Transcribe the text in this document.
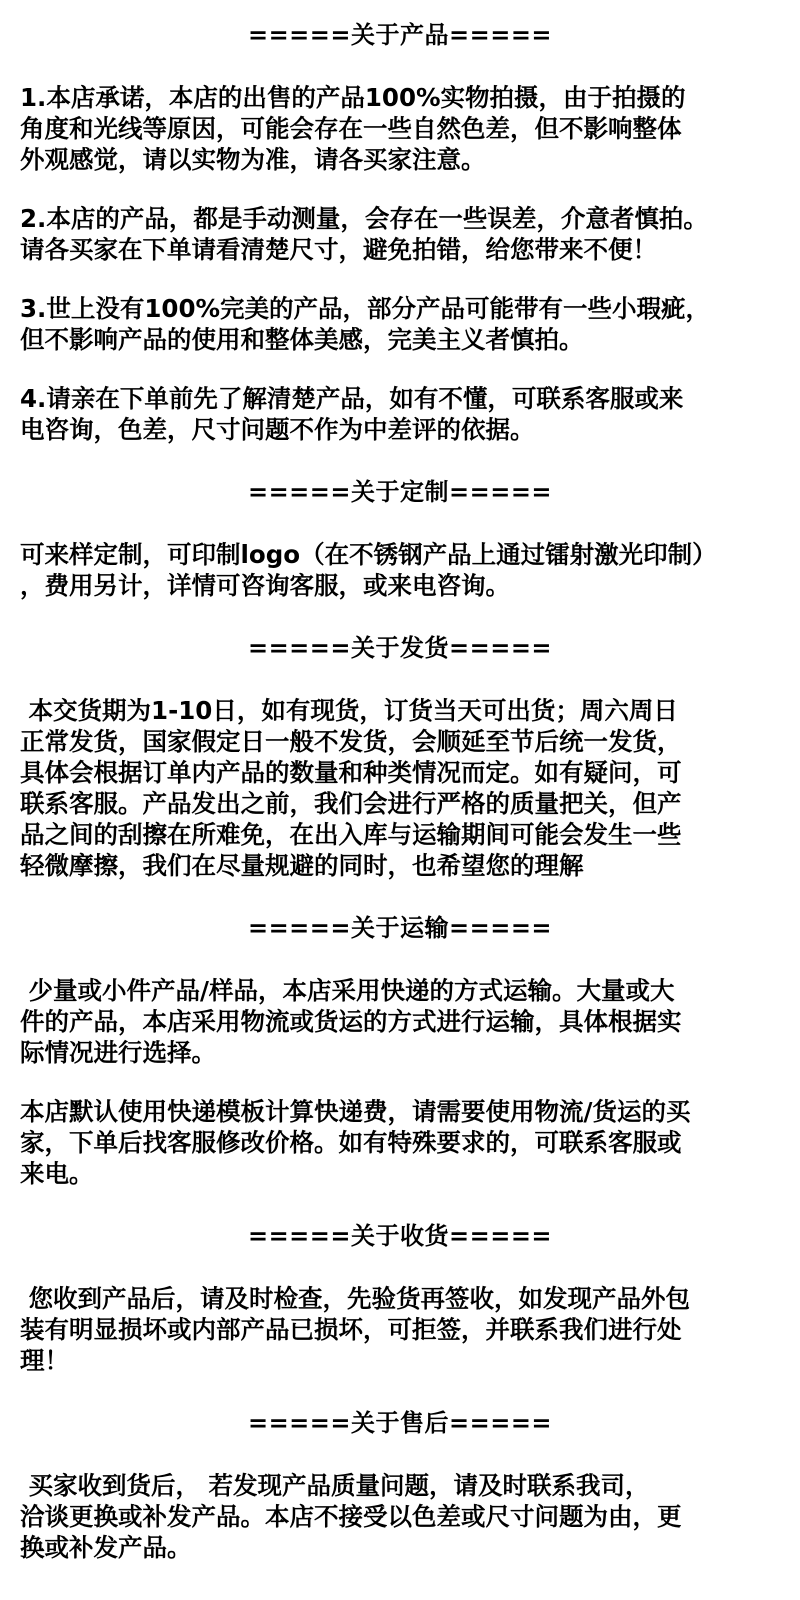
=====关于产品=====

1.本店承诺，本店的出售的产品100%实物拍摄，由于拍摄的
角度和光线等原因，可能会存在一些自然色差，但不影响整体
外观感觉，请以实物为准，请各买家注意。

2.本店的产品，都是手动测量，会存在一些误差，介意者慎拍。
请各买家在下单请看清楚尺寸，避免拍错，给您带来不便！

3.世上没有100%完美的产品，部分产品可能带有一些小瑕疵，
但不影响产品的使用和整体美感，完美主义者慎拍。

4.请亲在下单前先了解清楚产品，如有不懂，可联系客服或来
电咨询，色差，尺寸问题不作为中差评的依据。

=====关于定制=====

可来样定制，可印制logo（在不锈钢产品上通过镭射激光印制）
，费用另计，详情可咨询客服，或来电咨询。

=====关于发货=====

本交货期为1-10日，如有现货，订货当天可出货；周六周日
正常发货，国家假定日一般不发货，会顺延至节后统一发货，
具体会根据订单内产品的数量和种类情况而定。如有疑问，可
联系客服。产品发出之前，我们会进行严格的质量把关，但产
品之间的刮擦在所难免，在出入库与运输期间可能会发生一些
轻微摩擦，我们在尽量规避的同时，也希望您的理解

=====关于运输=====

少量或小件产品/样品，本店采用快递的方式运输。大量或大
件的产品，本店采用物流或货运的方式进行运输，具体根据实
际情况进行选择。

本店默认使用快递模板计算快递费，请需要使用物流/货运的买
家，下单后找客服修改价格。如有特殊要求的，可联系客服或
来电。

=====关于收货=====

您收到产品后，请及时检查，先验货再签收，如发现产品外包
装有明显损坏或内部产品已损坏，可拒签，并联系我们进行处
理！

=====关于售后=====

买家收到货后， 若发现产品质量问题，请及时联系我司，
洽谈更换或补发产品。本店不接受以色差或尺寸问题为由，更
换或补发产品。
